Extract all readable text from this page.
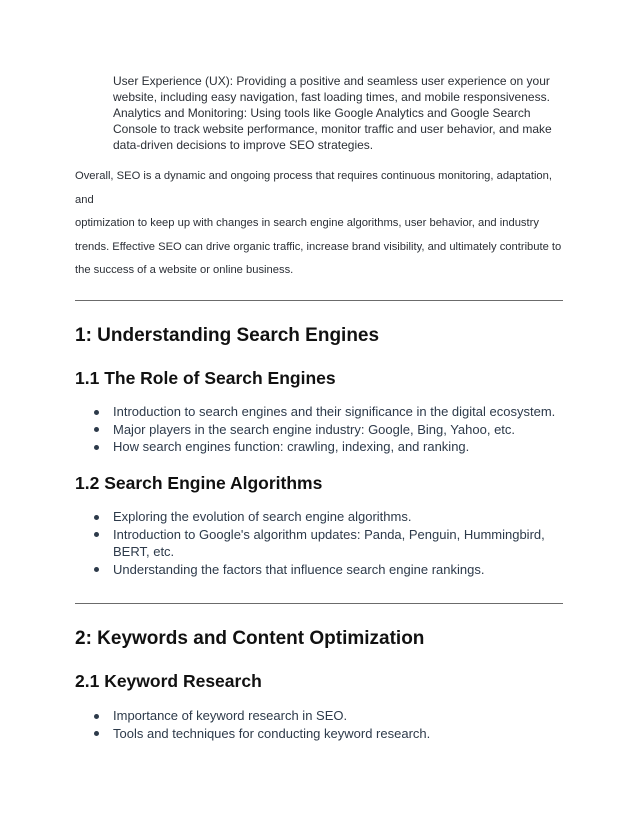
User Experience (UX): Providing a positive and seamless user experience on your website, including easy navigation, fast loading times, and mobile responsiveness.

Analytics and Monitoring: Using tools like Google Analytics and Google Search Console to track website performance, monitor traffic and user behavior, and make data-driven decisions to improve SEO strategies.

Overall, SEO is a dynamic and ongoing process that requires continuous monitoring, adaptation, and

optimization to keep up with changes in search engine algorithms, user behavior, and industry

trends. Effective SEO can drive organic traffic, increase brand visibility, and ultimately contribute to

the success of a website or online business.

1: Understanding Search Engines
1.1 The Role of Search Engines
Introduction to search engines and their significance in the digital ecosystem.
Major players in the search engine industry: Google, Bing, Yahoo, etc.
How search engines function: crawling, indexing, and ranking.
1.2 Search Engine Algorithms
Exploring the evolution of search engine algorithms.
Introduction to Google's algorithm updates: Panda, Penguin, Hummingbird, BERT, etc.
Understanding the factors that influence search engine rankings.
2: Keywords and Content Optimization
2.1 Keyword Research
Importance of keyword research in SEO.
Tools and techniques for conducting keyword research.
